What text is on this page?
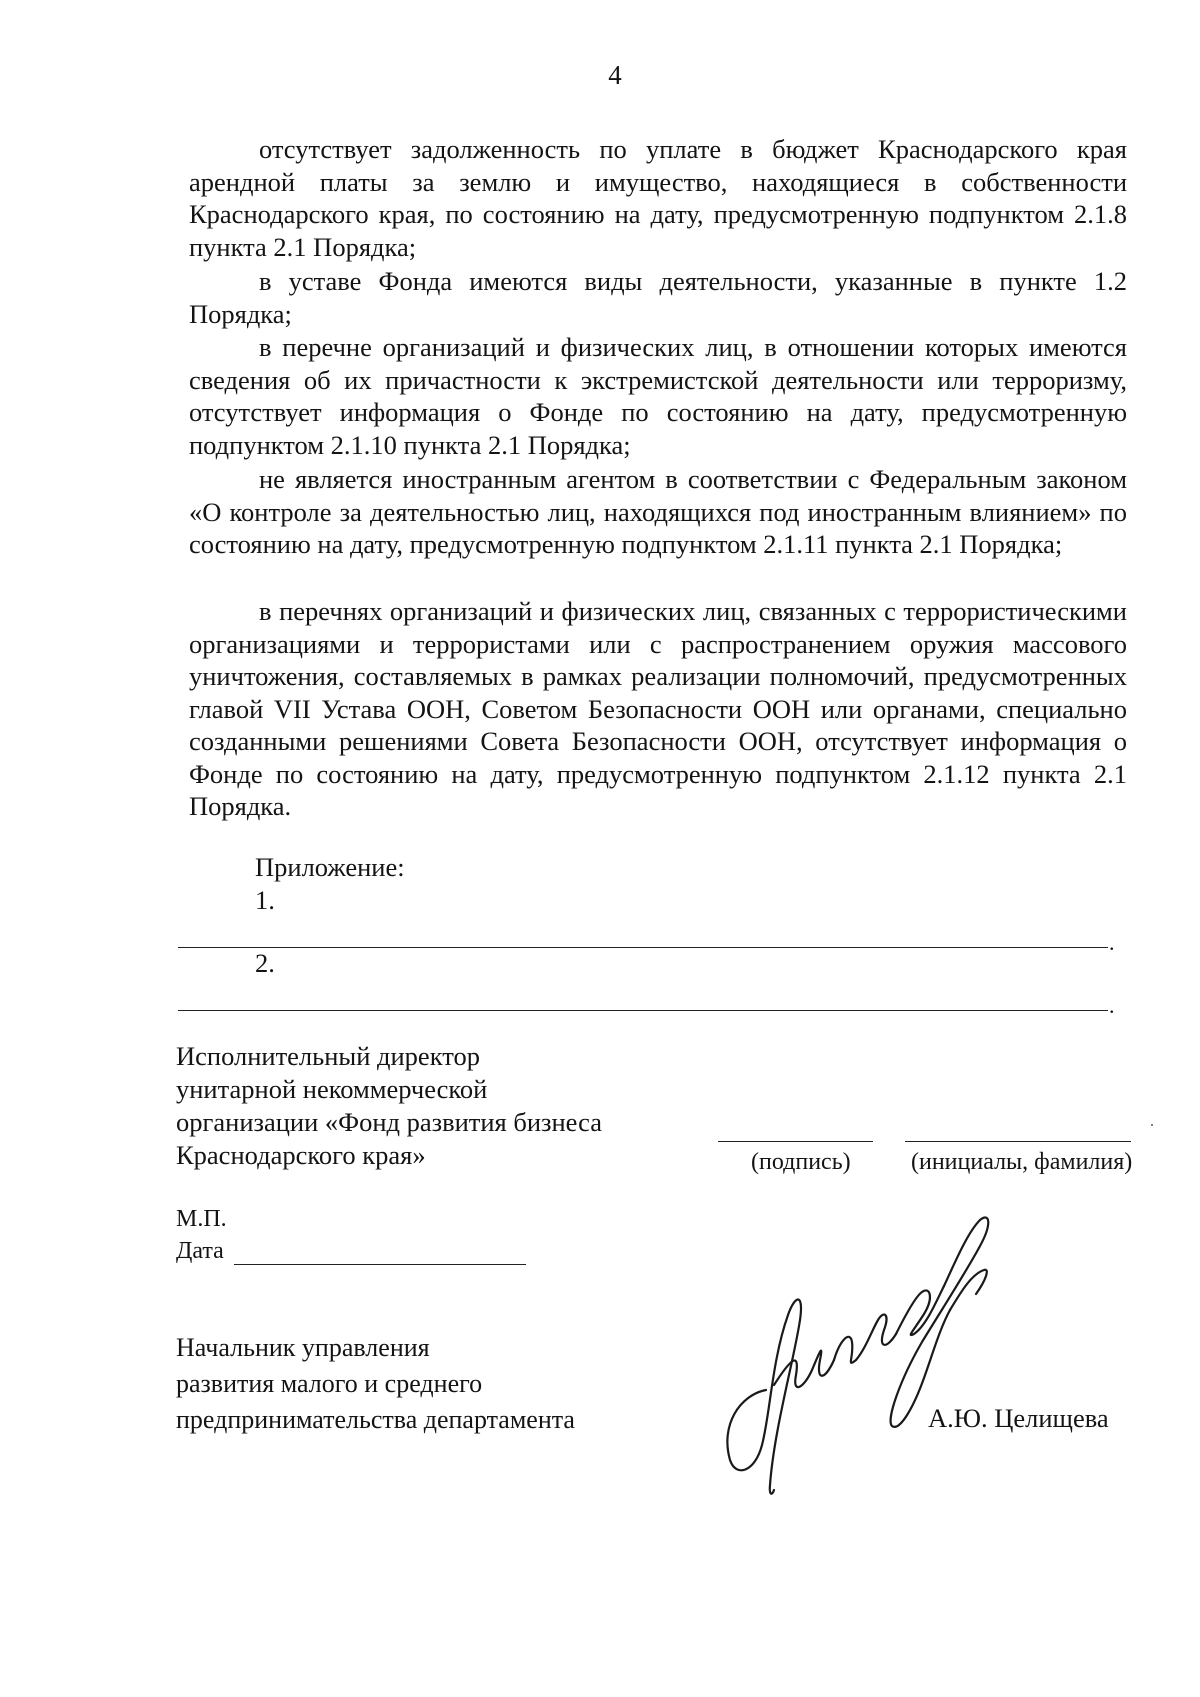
4

отсутствует задолженность по уплате в бюджет Краснодарского края арендной платы за землю и имущество, находящиеся в собственности Краснодарского края, по состоянию на дату, предусмотренную подпунктом 2.1.8 пункта 2.1 Порядка;

в уставе Фонда имеются виды деятельности, указанные в пункте 1.2 Порядка;

в перечне организаций и физических лиц, в отношении которых имеются сведения об их причастности к экстремистской деятельности или терроризму, отсутствует информация о Фонде по состоянию на дату, предусмотренную подпунктом 2.1.10 пункта 2.1 Порядка;

не является иностранным агентом в соответствии с Федеральным законом «О контроле за деятельностью лиц, находящихся под иностранным влиянием» по состоянию на дату, предусмотренную подпунктом 2.1.11 пункта 2.1 Порядка;

в перечнях организаций и физических лиц, связанных с террористическими организациями и террористами или с распространением оружия массового уничтожения, составляемых в рамках реализации полномочий, предусмотренных главой VII Устава ООН, Советом Безопасности ООН или органами, специально созданными решениями Совета Безопасности ООН, отсутствует информация о Фонде по состоянию на дату, предусмотренную подпунктом 2.1.12 пункта 2.1 Порядка.

Приложение:
1.
.
2.
.
Исполнительный директор
унитарной некоммерческой
организации «Фонд развития бизнеса
Краснодарского края»	(подпись)	(инициалы, фамилия)
М.П.
Дата
Начальник управления
развития малого и среднего
предпринимательства департамента	А.Ю. Целищева
